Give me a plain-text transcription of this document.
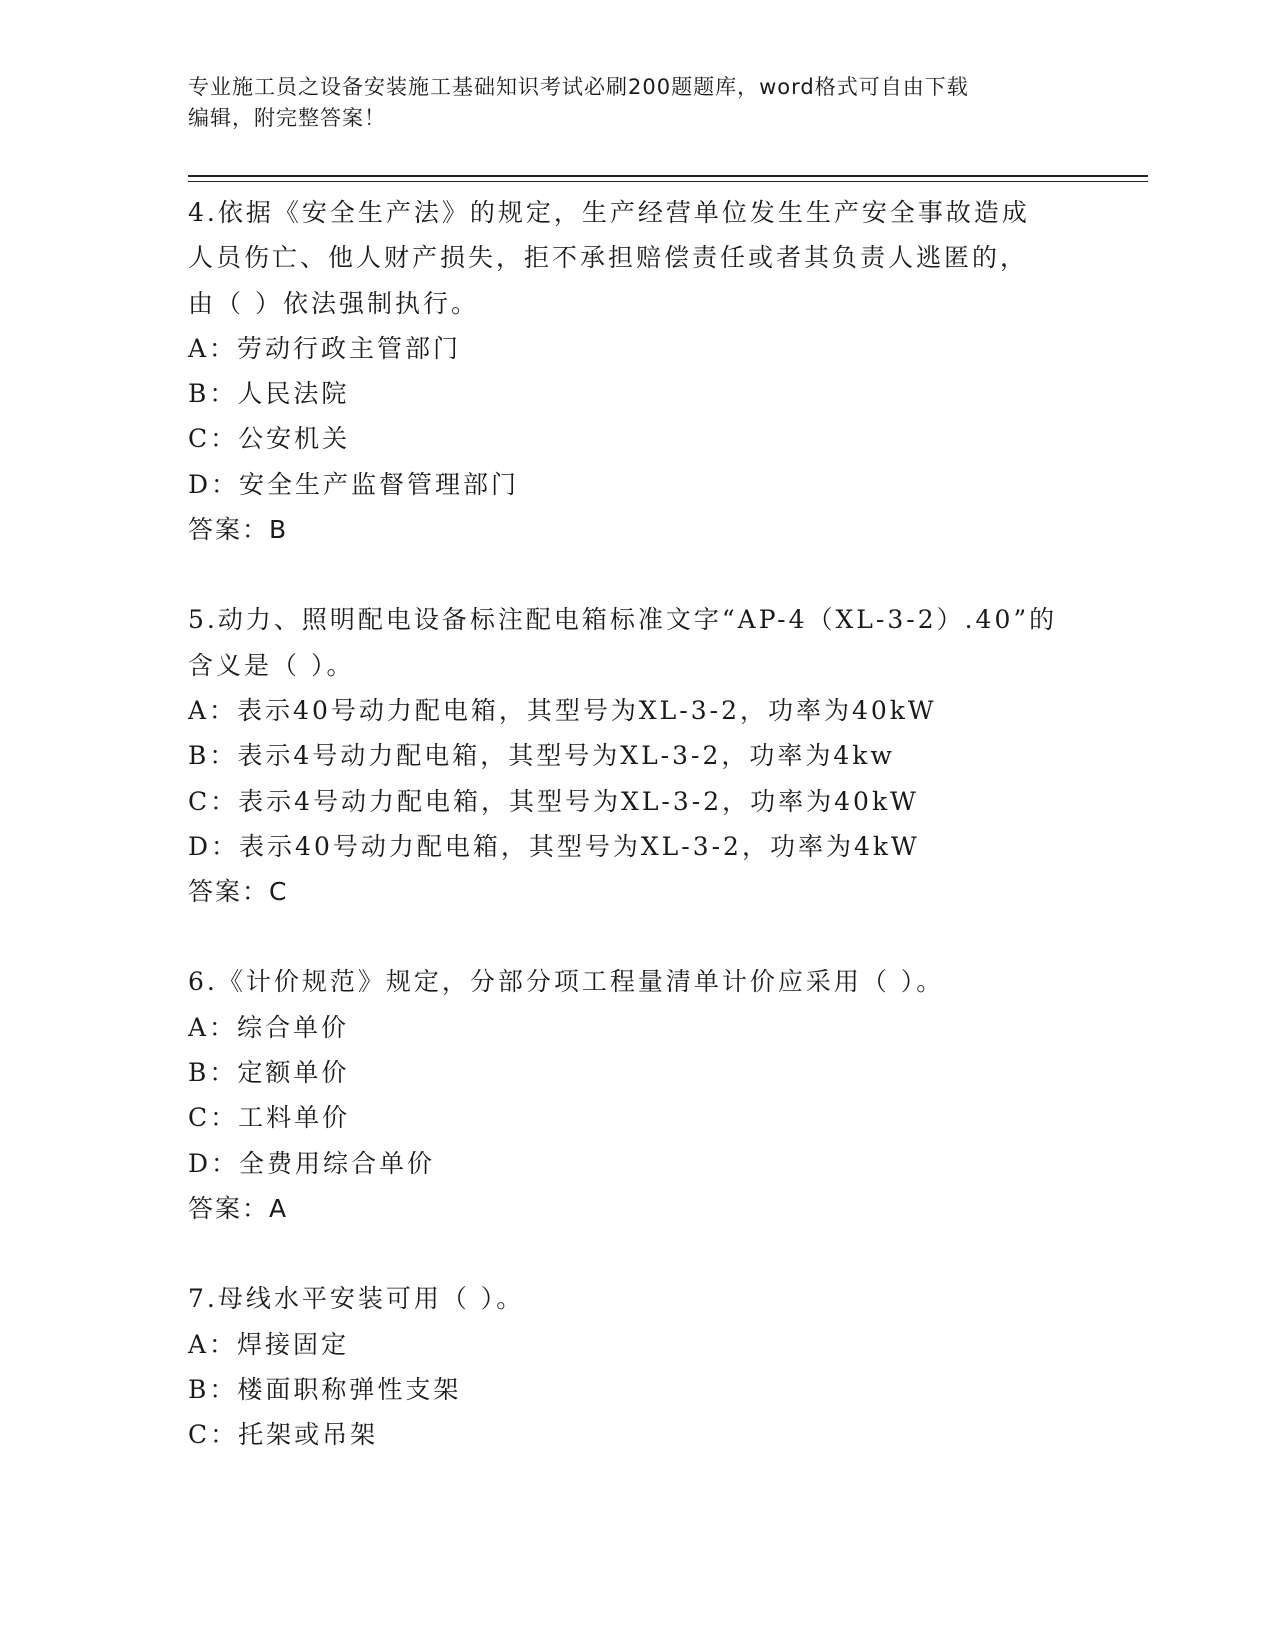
专业施工员之设备安装施工基础知识考试必刷200题题库，word格式可自由下载
编辑，附完整答案！
4.依据《安全生产法》的规定，生产经营单位发生生产安全事故造成
人员伤亡、他人财产损失，拒不承担赔偿责任或者其负责人逃匿的，
由（ ）依法强制执行。
A：劳动行政主管部门
B：人民法院
C：公安机关
D：安全生产监督管理部门
答案：B
5.动力、照明配电设备标注配电箱标准文字“AP-4（XL-3-2）.40”的
含义是（ ）。
A：表示40号动力配电箱，其型号为XL-3-2，功率为40kW
B：表示4号动力配电箱，其型号为XL-3-2，功率为4kw
C：表示4号动力配电箱，其型号为XL-3-2，功率为40kW
D：表示40号动力配电箱，其型号为XL-3-2，功率为4kW
答案：C
6.《计价规范》规定，分部分项工程量清单计价应采用（ ）。
A：综合单价
B：定额单价
C：工料单价
D：全费用综合单价
答案：A
7.母线水平安装可用（ ）。
A：焊接固定
B：楼面职称弹性支架
C：托架或吊架
